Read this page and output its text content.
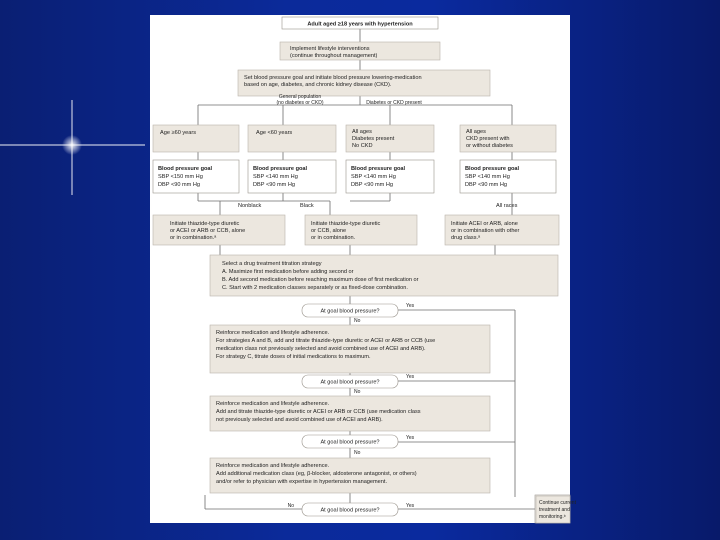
Adult aged ≥18 years with hypertension
Implement lifestyle interventions
(continue throughout management)
Set blood pressure goal and initiate blood pressure lowering-medication
based on age, diabetes, and chronic kidney disease (CKD).
General population
(no diabetes or CKD)	Diabetes or CKD present
Age ≥60 years	Age <60 years	All ages
Diabetes present
No CKD
All ages
CKD present with
or without diabetes
Blood pressure goal
SBP <150 mm Hg
DBP <90 mm Hg
Blood pressure goal
SBP <140 mm Hg
DBP <90 mm Hg
Blood pressure goal
SBP <140 mm Hg
DBP <90 mm Hg
Blood pressure goal
SBP <140 mm Hg
DBP <90 mm Hg
Nonblack	Black	All races
Initiate thiazide-type diuretic
or ACEI or ARB or CCB, alone
or in combination.ᵃ
Initiate thiazide-type diuretic
or CCB, alone
or in combination.
Initiate ACEI or ARB, alone
or in combination with other
drug class.ᵃ
Select a drug treatment titration strategy
A. Maximize first medication before adding second or
B. Add second medication before reaching maximum dose of first medication or
C. Start with 2 medication classes separately or as fixed-dose combination.
At goal blood pressure?
Yes
No
Reinforce medication and lifestyle adherence.
For strategies A and B, add and titrate thiazide-type diuretic or ACEI or ARB or CCB (use
medication class not previously selected and avoid combined use of ACEI and ARB).
For strategy C, titrate doses of initial medications to maximum.
At goal blood pressure?
Yes
No
Reinforce medication and lifestyle adherence.
Add and titrate thiazide-type diuretic or ACEI or ARB or CCB (use medication class
not previously selected and avoid combined use of ACEI and ARB).
At goal blood pressure?
Yes
No
Reinforce medication and lifestyle adherence.
Add additional medication class (eg, β-blocker, aldosterone antagonist, or others)
and/or refer to physician with expertise in hypertension management.
At goal blood pressure?
Yes
No	Continue current
treatment and
monitoring.ᵇ
